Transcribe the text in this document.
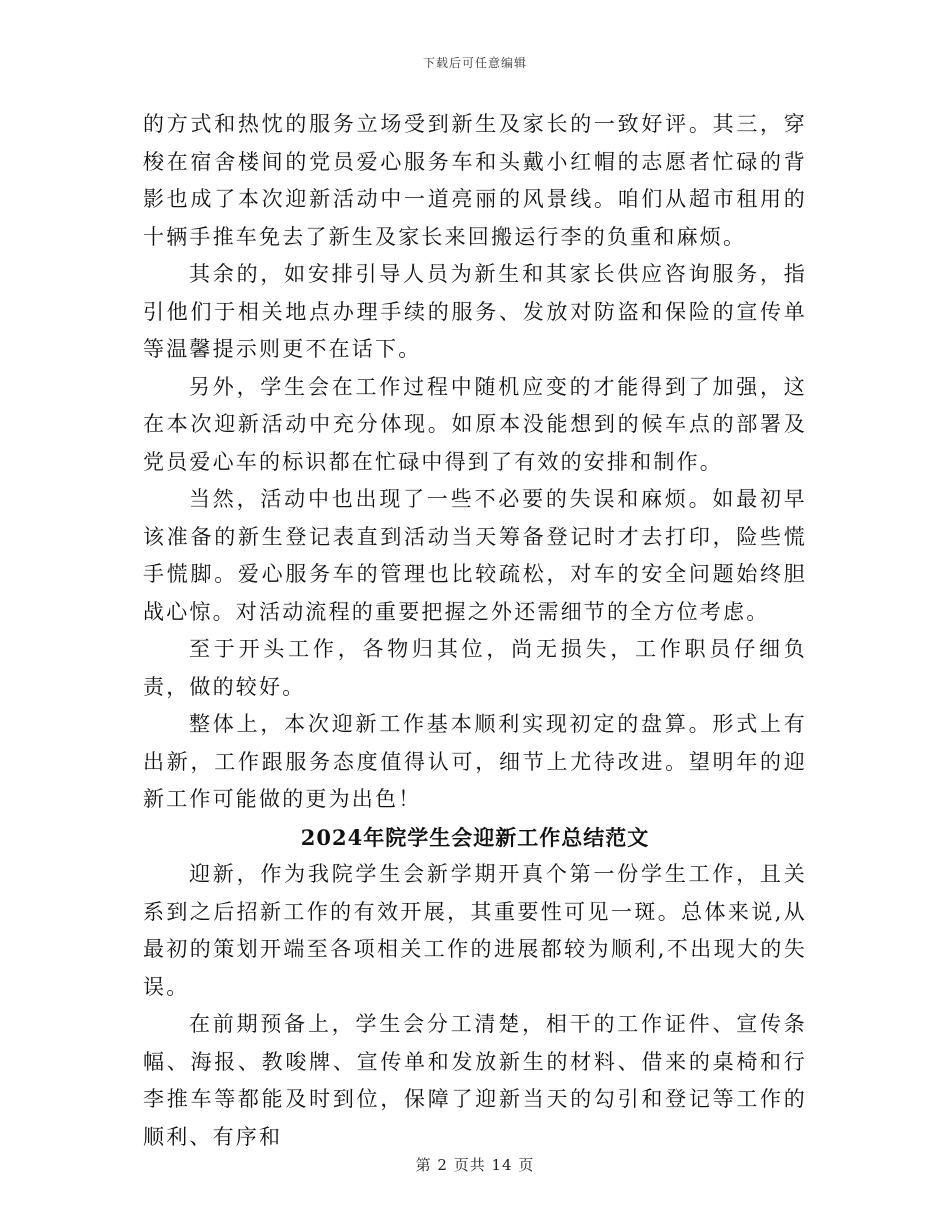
下载后可任意编辑

的方式和热忱的服务立场受到新生及家长的一致好评。其三，穿梭在宿舍楼间的党员爱心服务车和头戴小红帽的志愿者忙碌的背影也成了本次迎新活动中一道亮丽的风景线。咱们从超市租用的十辆手推车免去了新生及家长来回搬运行李的负重和麻烦。

其余的，如安排引导人员为新生和其家长供应咨询服务，指引他们于相关地点办理手续的服务、发放对防盗和保险的宣传单等温馨提示则更不在话下。

另外，学生会在工作过程中随机应变的才能得到了加强，这在本次迎新活动中充分体现。如原本没能想到的候车点的部署及党员爱心车的标识都在忙碌中得到了有效的安排和制作。

当然，活动中也出现了一些不必要的失误和麻烦。如最初早该准备的新生登记表直到活动当天筹备登记时才去打印，险些慌手慌脚。爱心服务车的管理也比较疏松，对车的安全问题始终胆战心惊。对活动流程的重要把握之外还需细节的全方位考虑。

至于开头工作，各物归其位，尚无损失，工作职员仔细负责，做的较好。

整体上，本次迎新工作基本顺利实现初定的盘算。形式上有出新，工作跟服务态度值得认可，细节上尤待改进。望明年的迎新工作可能做的更为出色！

2024年院学生会迎新工作总结范文

迎新，作为我院学生会新学期开真个第一份学生工作，且关系到之后招新工作的有效开展，其重要性可见一斑。总体来说,从最初的策划开端至各项相关工作的进展都较为顺利,不出现大的失误。

在前期预备上，学生会分工清楚，相干的工作证件、宣传条幅、海报、教唆牌、宣传单和发放新生的材料、借来的桌椅和行李推车等都能及时到位，保障了迎新当天的勾引和登记等工作的顺利、有序和

第 2 页共 14 页
